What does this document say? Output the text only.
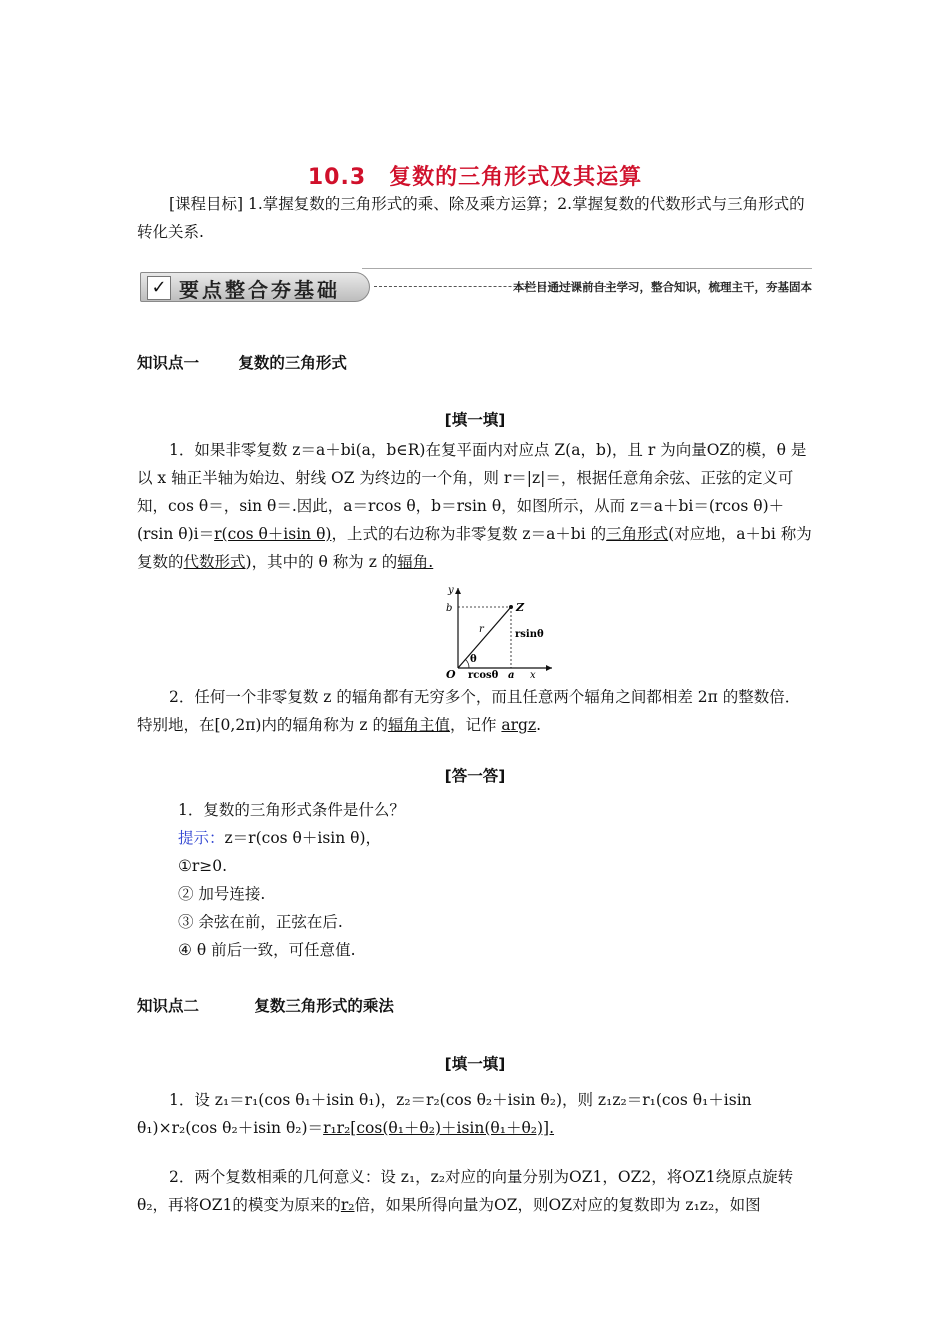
10.3　复数的三角形式及其运算
[课程目标] 1.掌握复数的三角形式的乘、除及乘方运算；2.掌握复数的代数形式与三角形式的转化关系.
✓ 要点整合夯基础	本栏目通过课前自主学习，整合知识，梳理主干，夯基固本
知识点一	复数的三角形式
[填一填]
1．如果非零复数 z＝a＋bi(a，b∈R)在复平面内对应点 Z(a，b)，且 r 为向量OZ的模，θ 是以 x 轴正半轴为始边、射线 OZ 为终边的一个角，则 r＝|z|＝，根据任意角余弦、正弦的定义可知，cos θ＝，sin θ＝.因此，a＝rcos θ，b＝rsin θ，如图所示，从而 z＝a＋bi＝(rcos θ)＋(rsin θ)i＝r(cos θ＋isin θ)，上式的右边称为非零复数 z＝a＋bi 的三角形式(对应地，a＋bi 称为复数的代数形式)，其中的 θ 称为 z 的辐角.
y
b	Z
r	rsinθ
θ
O rcosθ a x
2．任何一个非零复数 z 的辐角都有无穷多个，而且任意两个辐角之间都相差 2π 的整数倍．特别地，在[0,2π)内的辐角称为 z 的辐角主值，记作 argz.
[答一答]
1．复数的三角形式条件是什么？
提示：z＝r(cos θ＋isin θ)，
①r≥0.
② 加号连接.
③ 余弦在前，正弦在后.
④ θ 前后一致，可任意值.
知识点二	复数三角形式的乘法
[填一填]
1．设 z₁＝r₁(cos θ₁＋isin θ₁)，z₂＝r₂(cos θ₂＋isin θ₂)，则 z₁z₂＝r₁(cos θ₁＋isin θ₁)×r₂(cos θ₂＋isin θ₂)＝r₁r₂[cos(θ₁＋θ₂)＋isin(θ₁＋θ₂)].
2．两个复数相乘的几何意义：设 z₁，z₂对应的向量分别为OZ1，OZ2，将OZ1绕原点旋转 θ₂，再将OZ1的模变为原来的r₂倍，如果所得向量为OZ，则OZ对应的复数即为 z₁z₂，如图
